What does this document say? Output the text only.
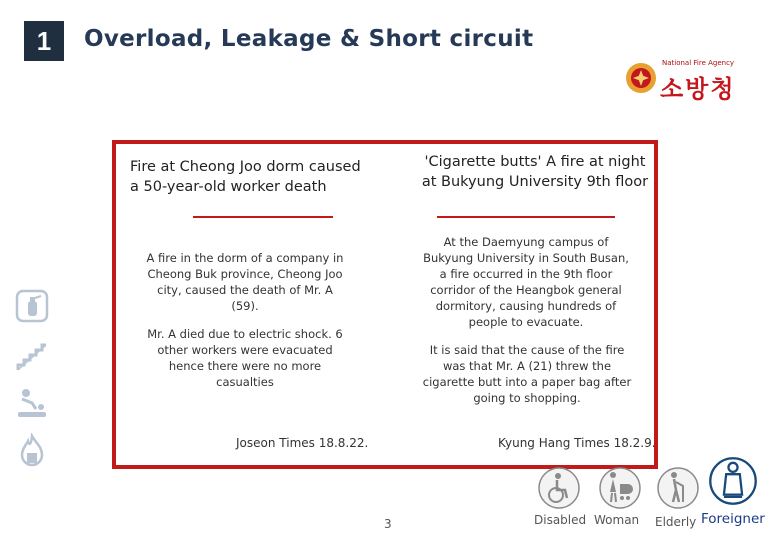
1	Overload, Leakage & Short circuit
National Fire Agency
소방청
Fire at Cheong Joo dorm caused a 50-year-old worker death
A fire in the dorm of a company in Cheong Buk province, Cheong Joo city, caused the death of Mr. A (59).
Mr. A died due to electric shock. 6 other workers were evacuated hence there were no more casualties
Joseon Times 18.8.22.
'Cigarette butts' A fire at night at Bukyung University 9th floor
At the Daemyung campus of Bukyung University in South Busan, a fire occurred in the 9th floor corridor of the Heangbok general dormitory, causing hundreds of people to evacuate.
It is said that the cause of the fire was that Mr. A (21) threw the cigarette butt into a paper bag after going to shopping.
Kyung Hang Times 18.2.9.
Disabled Woman Elderly Foreigner
3
